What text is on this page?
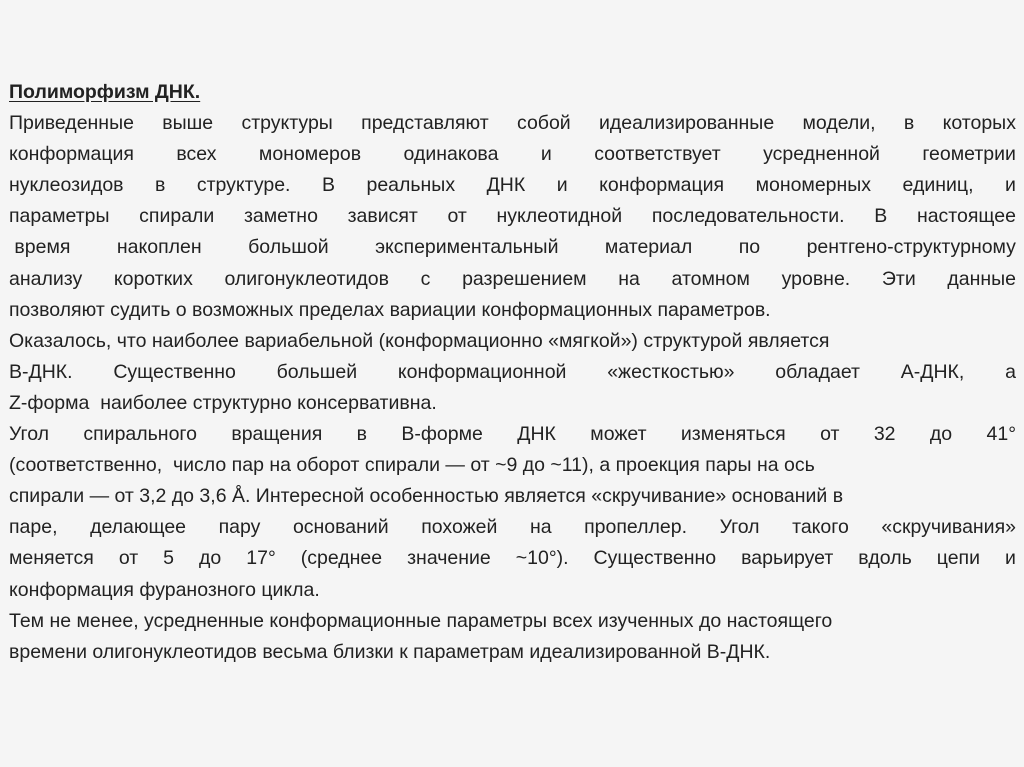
Полиморфизм ДНК.
Приведенные выше структуры представляют собой идеализированные модели, в которых
конформация всех мономеров одинакова и соответствует усредненной геометрии
нуклеозидов в структуре. В реальных ДНК и конформация мономерных единиц, и
параметры спирали заметно зависят от нуклеотидной последовательности. В настоящее
время накоплен большой экспериментальный материал по рентгено-структурному
анализу коротких олигонуклеотидов с разрешением на атомном уровне. Эти данные
позволяют судить о возможных пределах вариации конформационных параметров.
Оказалось, что наиболее вариабельной (конформационно «мягкой») структурой является
B-ДНК. Существенно большей конформационной «жесткостью» обладает A-ДНК, а
Z-форма  наиболее структурно консервативна.
Угол спирального вращения в B-форме ДНК может изменяться от 32 до 41°
(соответственно,  число пар на оборот спирали — от ~9 до ~11), а проекция пары на ось
спирали — от 3,2 до 3,6 Å. Интересной особенностью является «скручивание» оснований в
паре, делающее пару оснований похожей на пропеллер. Угол такого «скручивания»
меняется от 5 до 17° (среднее значение ~10°). Существенно варьирует вдоль цепи и
конформация фуранозного цикла.
Тем не менее, усредненные конформационные параметры всех изученных до настоящего
времени олигонуклеотидов весьма близки к параметрам идеализированной B-ДНК.
